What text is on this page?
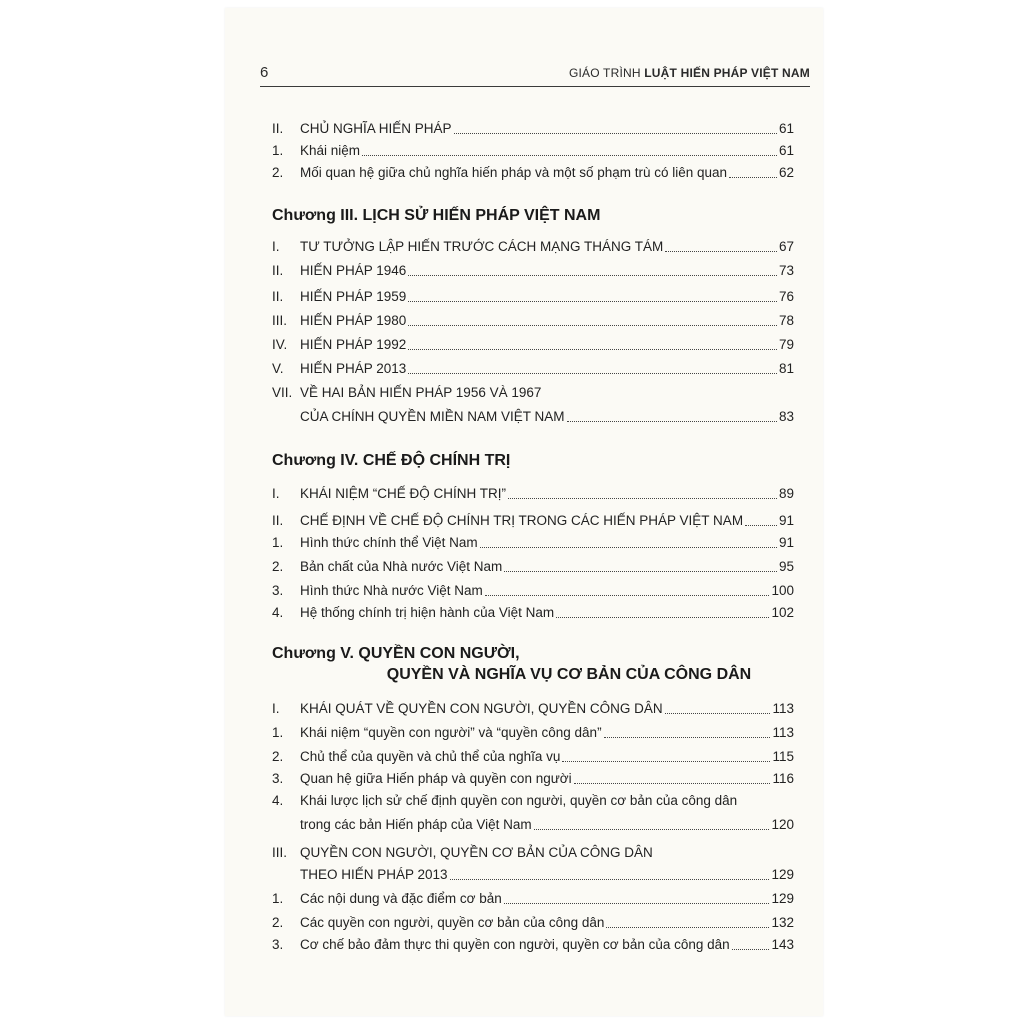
6	GIÁO TRÌNH LUẬT HIẾN PHÁP VIỆT NAM
II.	CHỦ NGHĨA HIẾN PHÁP	61
1.	Khái niệm	61
2.	Mối quan hệ giữa chủ nghĩa hiến pháp và một số phạm trù có liên quan	62
Chương III. LỊCH SỬ HIẾN PHÁP VIỆT NAM
I.	TƯ TƯỞNG LẬP HIẾN TRƯỚC CÁCH MẠNG THÁNG TÁM	67
II.	HIẾN PHÁP 1946	73
II.	HIẾN PHÁP 1959	76
III. HIẾN PHÁP 1980	78
IV. HIẾN PHÁP 1992	79
V.	HIẾN PHÁP 2013	81
VII. VỀ HAI BẢN HIẾN PHÁP 1956 VÀ 1967
CỦA CHÍNH QUYỀN MIỀN NAM VIỆT NAM	83
Chương IV. CHẾ ĐỘ CHÍNH TRỊ
I.	KHÁI NIỆM “CHẾ ĐỘ CHÍNH TRỊ”	89
II.	CHẾ ĐỊNH VỀ CHẾ ĐỘ CHÍNH TRỊ TRONG CÁC HIẾN PHÁP VIỆT NAM	91
1.	Hình thức chính thể Việt Nam	91
2.	Bản chất của Nhà nước Việt Nam	95
3.	Hình thức Nhà nước Việt Nam	100
4.	Hệ thống chính trị hiện hành của Việt Nam	102
Chương V. QUYỀN CON NGƯỜI,
QUYỀN VÀ NGHĨA VỤ CƠ BẢN CỦA CÔNG DÂN
I.	KHÁI QUÁT VỀ QUYỀN CON NGƯỜI, QUYỀN CÔNG DÂN	113
1.	Khái niệm “quyền con người” và “quyền công dân”	113
2.	Chủ thể của quyền và chủ thể của nghĩa vụ	115
3.	Quan hệ giữa Hiến pháp và quyền con người	116
4.	Khái lược lịch sử chế định quyền con người, quyền cơ bản của công dân
trong các bản Hiến pháp của Việt Nam	120
III. QUYỀN CON NGƯỜI, QUYỀN CƠ BẢN CỦA CÔNG DÂN
THEO HIẾN PHÁP 2013	129
1.	Các nội dung và đặc điểm cơ bản	129
2.	Các quyền con người, quyền cơ bản của công dân	132
3.	Cơ chế bảo đảm thực thi quyền con người, quyền cơ bản của công dân	143
